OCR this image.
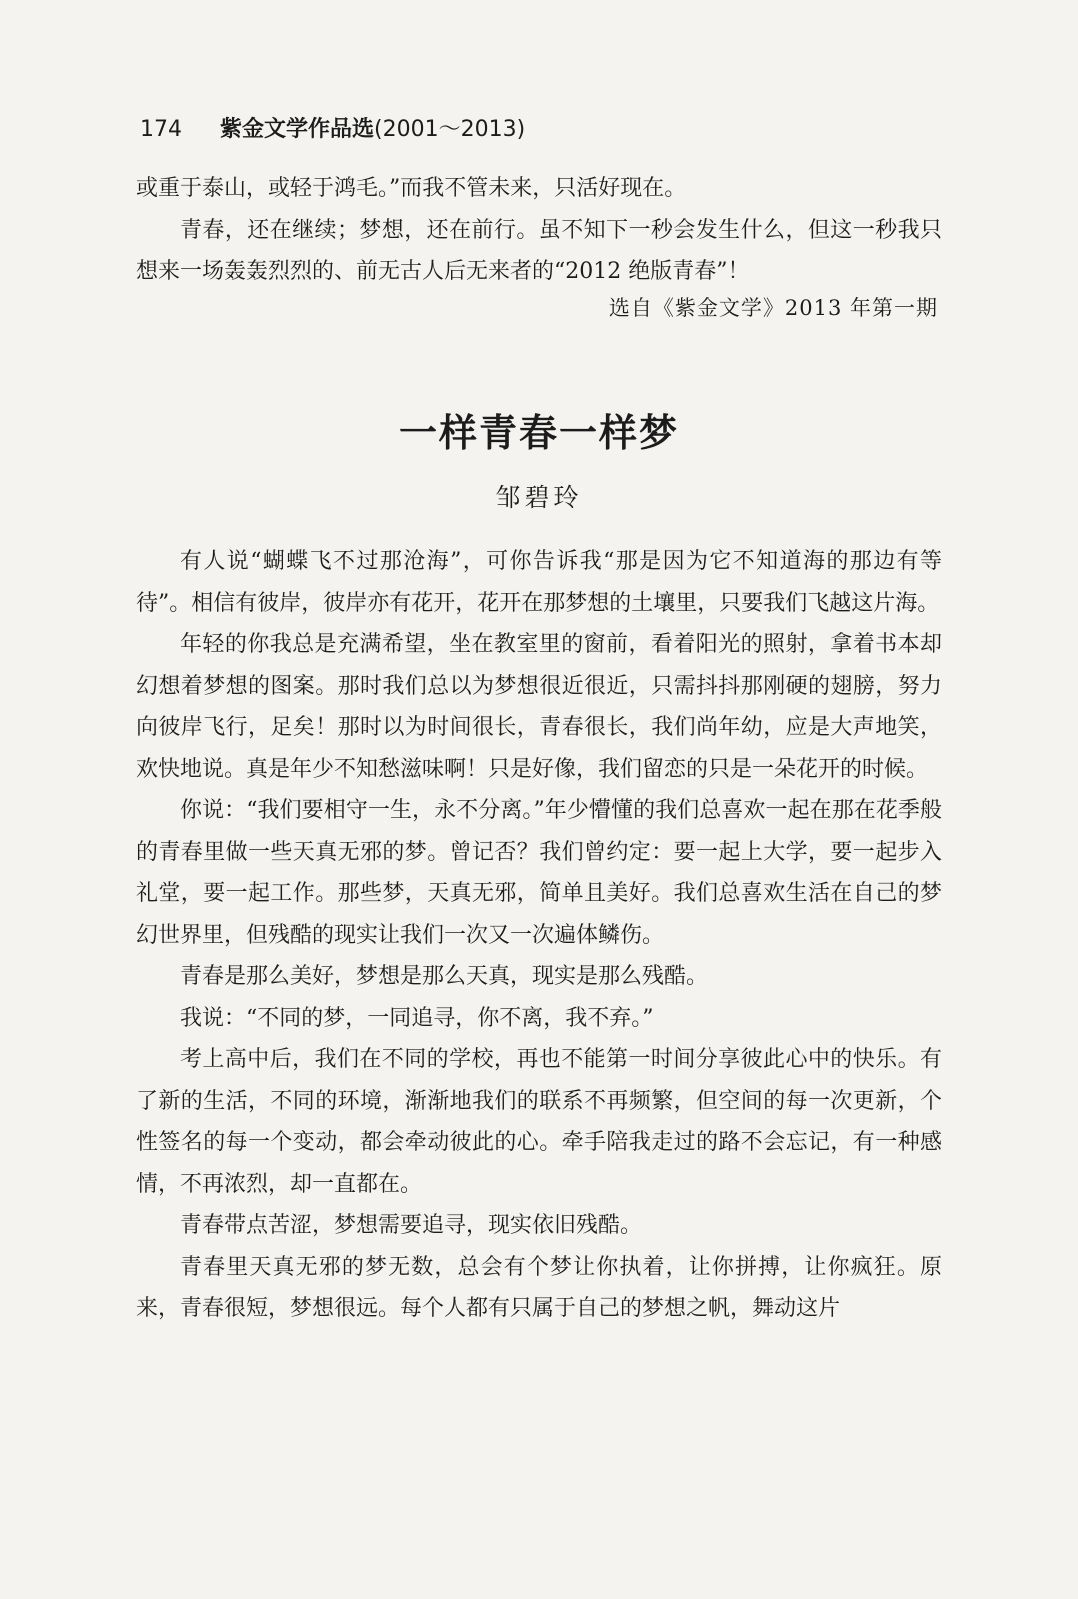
174 紫金文学作品选(2001～2013)

或重于泰山，或轻于鸿毛。”而我不管未来，只活好现在。

青春，还在继续；梦想，还在前行。虽不知下一秒会发生什么，但这一秒我只想来一场轰轰烈烈的、前无古人后无来者的“2012 绝版青春”！

选自《紫金文学》2013 年第一期
一样青春一样梦
邹碧玲

有人说“蝴蝶飞不过那沧海”，可你告诉我“那是因为它不知道海的那边有等待”。相信有彼岸，彼岸亦有花开，花开在那梦想的土壤里，只要我们飞越这片海。

年轻的你我总是充满希望，坐在教室里的窗前，看着阳光的照射，拿着书本却幻想着梦想的图案。那时我们总以为梦想很近很近，只需抖抖那刚硬的翅膀，努力向彼岸飞行，足矣！那时以为时间很长，青春很长，我们尚年幼，应是大声地笑，欢快地说。真是年少不知愁滋味啊！只是好像，我们留恋的只是一朵花开的时候。

你说：“我们要相守一生，永不分离。”年少懵懂的我们总喜欢一起在那在花季般的青春里做一些天真无邪的梦。曾记否？我们曾约定：要一起上大学，要一起步入礼堂，要一起工作。那些梦，天真无邪，简单且美好。我们总喜欢生活在自己的梦幻世界里，但残酷的现实让我们一次又一次遍体鳞伤。

青春是那么美好，梦想是那么天真，现实是那么残酷。

我说：“不同的梦，一同追寻，你不离，我不弃。”

考上高中后，我们在不同的学校，再也不能第一时间分享彼此心中的快乐。有了新的生活，不同的环境，渐渐地我们的联系不再频繁，但空间的每一次更新，个性签名的每一个变动，都会牵动彼此的心。牵手陪我走过的路不会忘记，有一种感情，不再浓烈，却一直都在。

青春带点苦涩，梦想需要追寻，现实依旧残酷。

青春里天真无邪的梦无数，总会有个梦让你执着，让你拼搏，让你疯狂。原来，青春很短，梦想很远。每个人都有只属于自己的梦想之帆，舞动这片
